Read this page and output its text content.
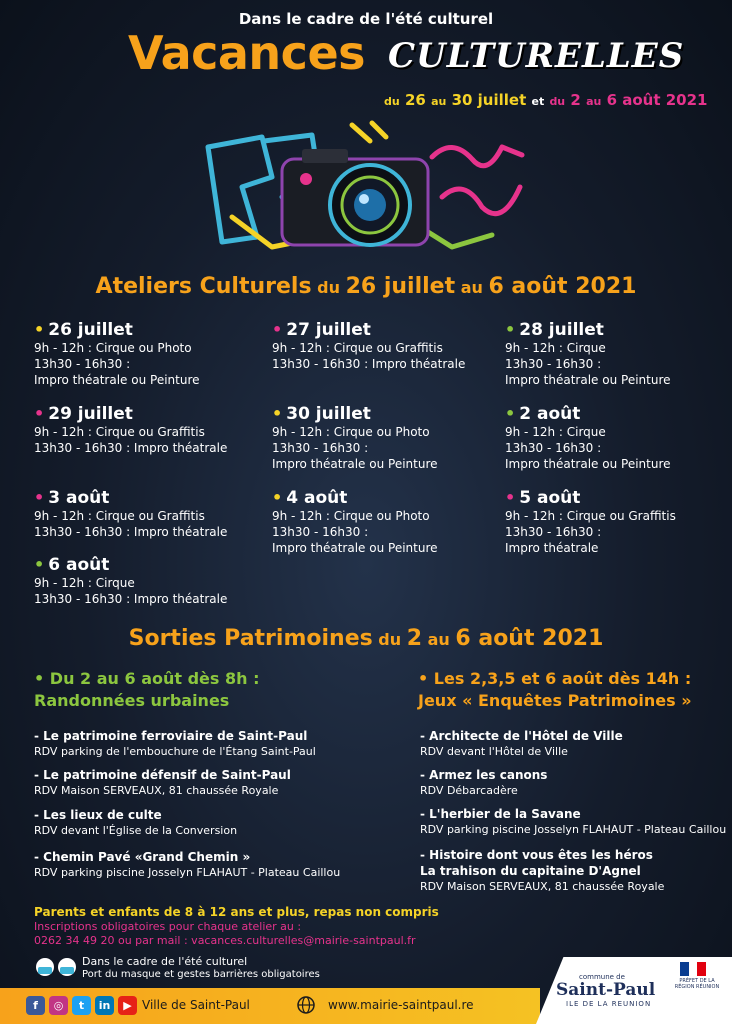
Dans le cadre de l'été culturel
Vacances CULTURELLES
du 26 au 30 juillet et du 2 au 6 août 2021
Ateliers Culturels du 26 juillet au 6 août 2021
• 26 juillet
9h - 12h : Cirque ou Photo
13h30 - 16h30 :
Impro théatrale ou Peinture
• 27 juillet
9h - 12h : Cirque ou Graffitis
13h30 - 16h30 : Impro théatrale
• 28 juillet
9h - 12h : Cirque
13h30 - 16h30 :
Impro théatrale ou Peinture
• 29 juillet
9h - 12h : Cirque ou Graffitis
13h30 - 16h30 : Impro théatrale
• 30 juillet
9h - 12h : Cirque ou Photo
13h30 - 16h30 :
Impro théatrale ou Peinture
• 2 août
9h - 12h : Cirque
13h30 - 16h30 :
Impro théatrale ou Peinture
• 3 août
9h - 12h : Cirque ou Graffitis
13h30 - 16h30 : Impro théatrale
• 4 août
9h - 12h : Cirque ou Photo
13h30 - 16h30 :
Impro théatrale ou Peinture
• 5 août
9h - 12h : Cirque ou Graffitis
13h30 - 16h30 :
Impro théatrale
• 6 août
9h - 12h : Cirque
13h30 - 16h30 : Impro théatrale
Sorties Patrimoines du 2 au 6 août 2021
• Du 2 au 6 août dès 8h :
Randonnées urbaines
- Le patrimoine ferroviaire de Saint-Paul
RDV parking de l'embouchure de l'Étang Saint-Paul
- Le patrimoine défensif de Saint-Paul
RDV Maison SERVEAUX, 81 chaussée Royale
- Les lieux de culte
RDV devant l'Église de la Conversion
- Chemin Pavé «Grand Chemin »
RDV parking piscine Josselyn FLAHAUT - Plateau Caillou
• Les 2,3,5 et 6 août dès 14h :
Jeux « Enquêtes Patrimoines »
- Architecte de l'Hôtel de Ville
RDV devant l'Hôtel de Ville
- Armez les canons
RDV Débarcadère
- L'herbier de la Savane
RDV parking piscine Josselyn FLAHAUT - Plateau Caillou
- Histoire dont vous êtes les héros
La trahison du capitaine D'Agnel
RDV Maison SERVEAUX, 81 chaussée Royale
Parents et enfants de 8 à 12 ans et plus, repas non compris
Inscriptions obligatoires pour chaque atelier au :
0262 34 49 20 ou par mail : vacances.culturelles@mairie-saintpaul.fr
Dans le cadre de l'été culturel
Port du masque et gestes barrières obligatoires
f	◎	t	in	▶ Ville de Saint-Paul	www.mairie-saintpaul.re
commune de
Saint-Paul
ILE DE LA REUNION
PRÉFET DE LA RÉGION RÉUNION
